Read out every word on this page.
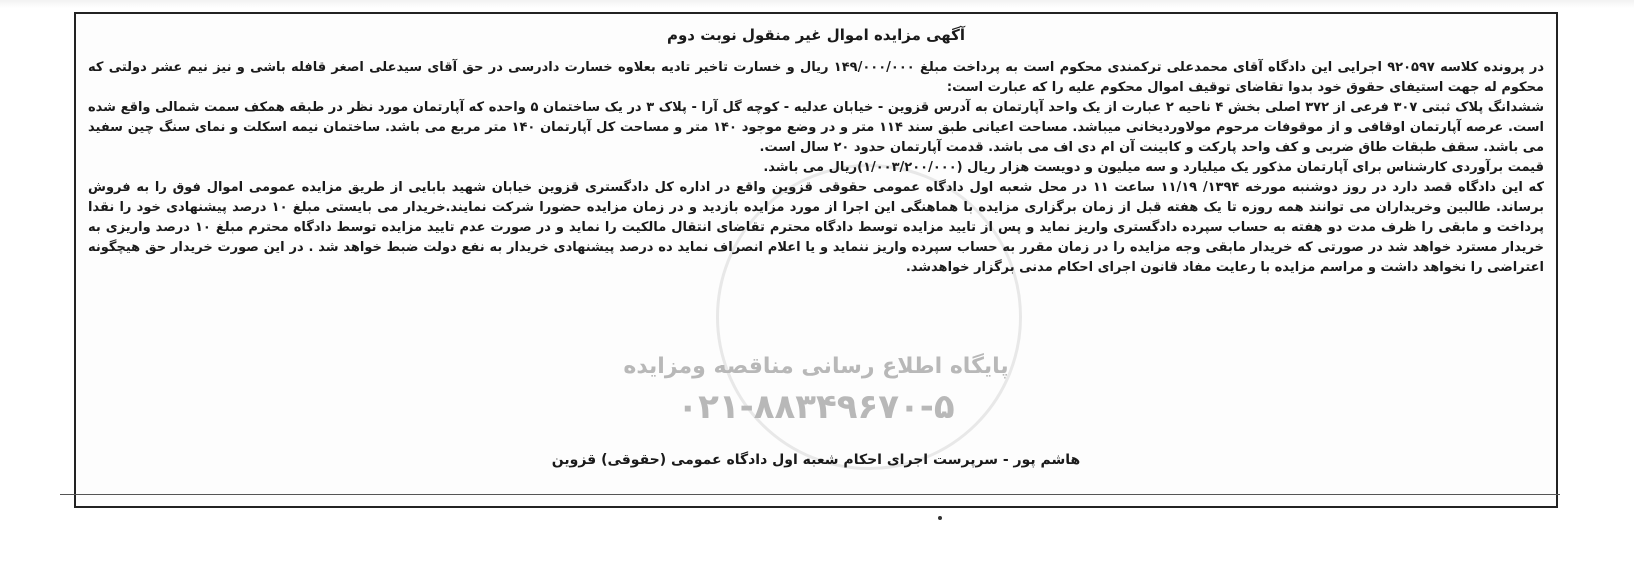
آگهی مزایده اموال غیر منقول نوبت دوم

در پرونده کلاسه ۹۲۰۵۹۷ اجرایی این دادگاه آقای محمدعلی ترکمندی محکوم است به پرداخت مبلغ ۱۴۹/۰۰۰/۰۰۰ ریال و خسارت تاخیر تادیه بعلاوه خسارت دادرسی در حق آقای سیدعلی اصغر قافله باشی و نیز نیم عشر دولتی که محکوم له جهت استیفای حقوق خود بدوا تقاضای توقیف اموال محکوم علیه را که عبارت است:

ششدانگ پلاک ثبتی ۳۰۷ فرعی از ۳۷۲ اصلی بخش ۴ ناحیه ۲ عبارت از یک واحد آپارتمان به آدرس قزوین - خیابان عدلیه - کوچه گل آرا - پلاک ۳ در یک ساختمان ۵ واحده که آپارتمان مورد نظر در طبقه همکف سمت شمالی واقع شده است. عرصه آپارتمان اوقافی و از موقوفات مرحوم مولاوردیخانی میباشد. مساحت اعیانی طبق سند ۱۱۴ متر و در وضع موجود ۱۴۰ متر و مساحت کل آپارتمان ۱۴۰ متر مربع می باشد. ساختمان نیمه اسکلت و نمای سنگ چین سفید می باشد. سقف طبقات طاق ضربی و کف واحد پارکت و کابینت آن ام دی اف می باشد. قدمت آپارتمان حدود ۲۰ سال است.

قیمت برآوردی کارشناس برای آپارتمان مذکور یک میلیارد و سه میلیون و دویست هزار ریال (۱/۰۰۳/۲۰۰/۰۰۰)ریال می باشد.

که این دادگاه قصد دارد در روز دوشنبه مورخه ۱۳۹۴/ ۱۱/۱۹ ساعت ۱۱ در محل شعبه اول دادگاه عمومی حقوقی قزوین واقع در اداره کل دادگستری قزوین خیابان شهید بابایی از طریق مزایده عمومی اموال فوق را به فروش برساند. طالبین وخریداران می توانند همه روزه تا یک هفته قبل از زمان برگزاری مزایده با هماهنگی این اجرا از مورد مزایده بازدید و در زمان مزایده حضورا شرکت نمایند.خریدار می بایستی مبلغ ۱۰ درصد پیشنهادی خود را نقدا پرداخت و مابقی را ظرف مدت دو هفته به حساب سپرده دادگستری واریز نماید و پس از تایید مزایده توسط دادگاه محترم تقاضای انتقال مالکیت را نماید و در صورت عدم تایید مزایده توسط دادگاه محترم مبلغ ۱۰ درصد واریزی به خریدار مسترد خواهد شد در صورتی که خریدار مابقی وجه مزایده را در زمان مقرر به حساب سپرده واریز ننماید و یا اعلام انصراف نماید ده درصد پیشنهادی خریدار به نفع دولت ضبط خواهد شد . در این صورت خریدار حق هیچگونه اعتراضی را نخواهد داشت و مراسم مزایده با رعایت مفاد قانون اجرای احکام مدنی برگزار خواهدشد.

پایگاه اطلاع رسانی مناقصه ومزایده
۰۲۱-۸۸۳۴۹۶۷۰-۵
هاشم پور - سرپرست اجرای احکام شعبه اول دادگاه عمومی (حقوقی) قزوین
